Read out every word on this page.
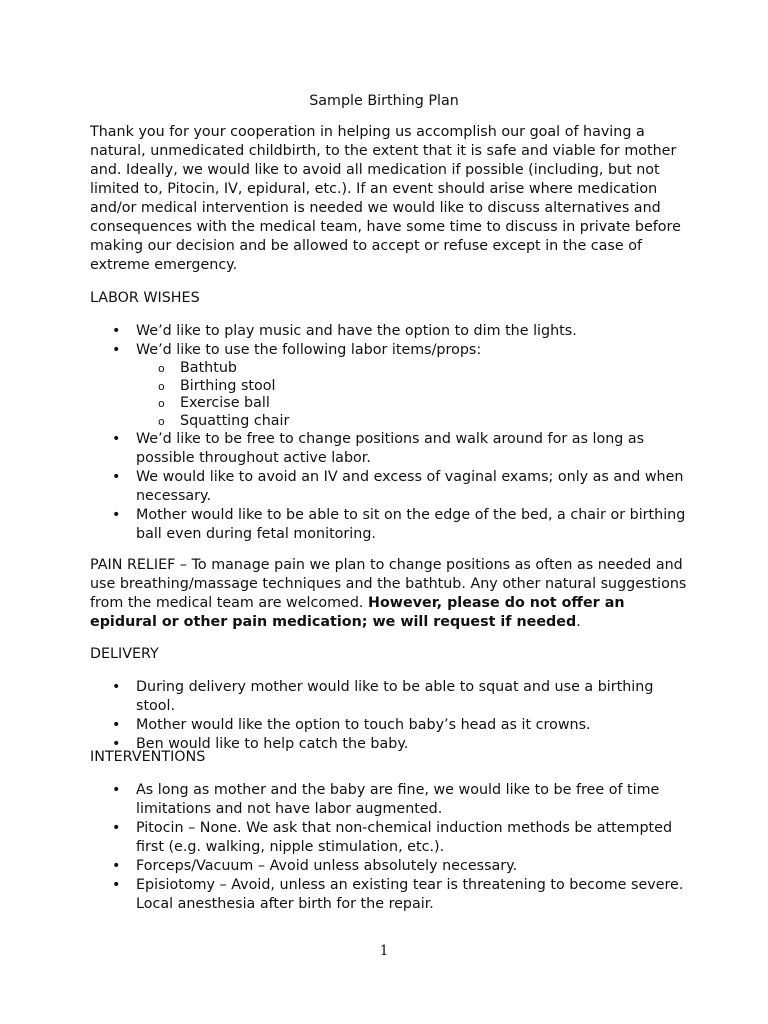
Sample Birthing Plan

Thank you for your cooperation in helping us accomplish our goal of having a natural, unmedicated childbirth, to the extent that it is safe and viable for mother and. Ideally, we would like to avoid all medication if possible (including, but not limited to, Pitocin, IV, epidural, etc.). If an event should arise where medication and/or medical intervention is needed we would like to discuss alternatives and consequences with the medical team, have some time to discuss in private before making our decision and be allowed to accept or refuse except in the case of extreme emergency.

LABOR WISHES
• We’d like to play music and have the option to dim the lights.
• We’d like to use the following labor items/props:
o Bathtub
o Birthing stool
o Exercise ball
o Squatting chair
• We’d like to be free to change positions and walk around for as long as possible throughout active labor.
• We would like to avoid an IV and excess of vaginal exams; only as and when necessary.
• Mother would like to be able to sit on the edge of the bed, a chair or birthing ball even during fetal monitoring.

PAIN RELIEF – To manage pain we plan to change positions as often as needed and use breathing/massage techniques and the bathtub. Any other natural suggestions from the medical team are welcomed. However, please do not offer an epidural or other pain medication; we will request if needed.

DELIVERY
• During delivery mother would like to be able to squat and use a birthing stool.
• Mother would like the option to touch baby’s head as it crowns.
• Ben would like to help catch the baby.
INTERVENTIONS
• As long as mother and the baby are fine, we would like to be free of time limitations and not have labor augmented.
• Pitocin – None. We ask that non-chemical induction methods be attempted first (e.g. walking, nipple stimulation, etc.).
• Forceps/Vacuum – Avoid unless absolutely necessary.
• Episiotomy – Avoid, unless an existing tear is threatening to become severe. Local anesthesia after birth for the repair.
1
